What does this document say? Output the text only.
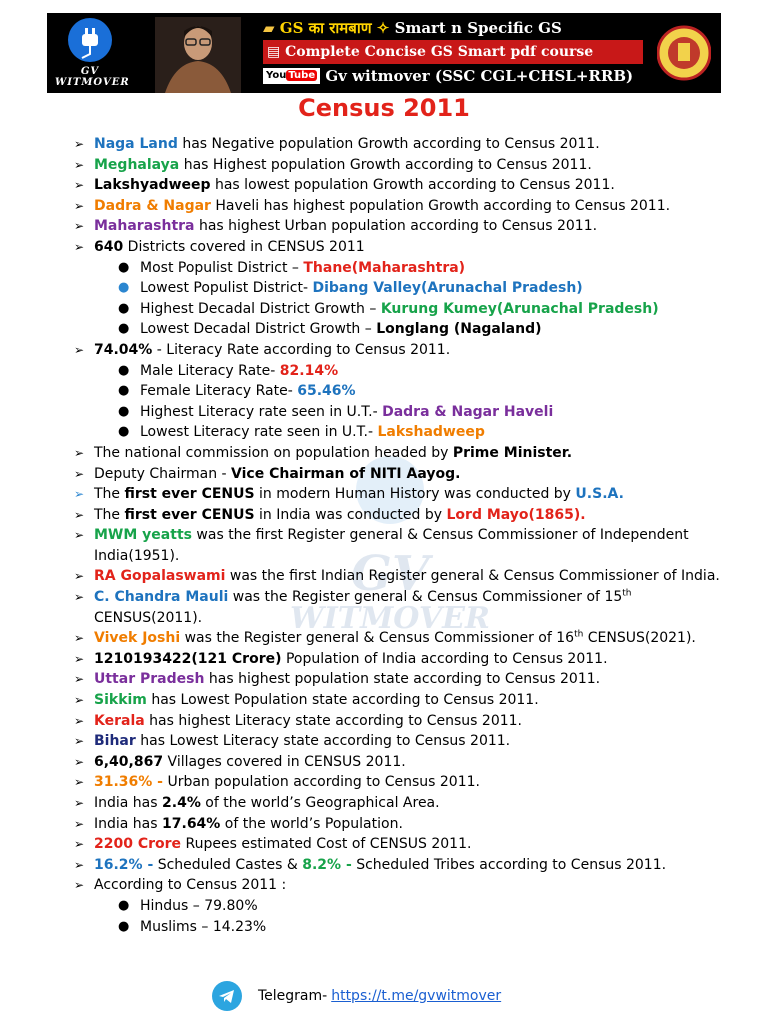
GV WITMOVER
▰ GS का रामबाण ✧ Smart n Specific GS
▤ Complete Concise GS Smart pdf course
You Tube Gv witmover (SSC CGL+CHSL+RRB)
Census 2011
GV
WITMOVER
➢ Naga Land has Negative population Growth according to Census 2011.
➢ Meghalaya has Highest population Growth according to Census 2011.
➢ Lakshyadweep has lowest population Growth according to Census 2011.
➢ Dadra & Nagar Haveli has highest population Growth according to Census 2011.
➢ Maharashtra has highest Urban population according to Census 2011.
➢ 640 Districts covered in CENSUS 2011
● Most Populist District – Thane(Maharashtra)
● Lowest Populist District- Dibang Valley(Arunachal Pradesh)
● Highest Decadal District Growth – Kurung Kumey(Arunachal Pradesh)
● Lowest Decadal District Growth – Longlang (Nagaland)
➢ 74.04% - Literacy Rate according to Census 2011.
● Male Literacy Rate- 82.14%
● Female Literacy Rate- 65.46%
● Highest Literacy rate seen in U.T.- Dadra & Nagar Haveli
● Lowest Literacy rate seen in U.T.- Lakshadweep
➢ The national commission on population headed by Prime Minister.
➢ Deputy Chairman - Vice Chairman of NITI Aayog.
➢ The first ever CENUS in modern Human History was conducted by U.S.A.
➢ The first ever CENUS in India was conducted by Lord Mayo(1865).
➢ MWM yeatts was the first Register general & Census Commissioner of Independent India(1951).
➢ RA Gopalaswami was the first Indian Register general & Census Commissioner of India.
➢ C. Chandra Mauli was the Register general & Census Commissioner of 15th CENSUS(2011).
➢ Vivek Joshi was the Register general & Census Commissioner of 16th CENSUS(2021).
➢ 1210193422(121 Crore) Population of India according to Census 2011.
➢ Uttar Pradesh has highest population state according to Census 2011.
➢ Sikkim has Lowest Population state according to Census 2011.
➢ Kerala has highest Literacy state according to Census 2011.
➢ Bihar has Lowest Literacy state according to Census 2011.
➢ 6,40,867 Villages covered in CENSUS 2011.
➢ 31.36% - Urban population according to Census 2011.
➢ India has 2.4% of the world’s Geographical Area.
➢ India has 17.64% of the world’s Population.
➢ 2200 Crore Rupees estimated Cost of CENSUS 2011.
➢ 16.2% - Scheduled Castes & 8.2% - Scheduled Tribes according to Census 2011.
➢ According to Census 2011 :
● Hindus – 79.80%
● Muslims – 14.23%
Telegram- https://t.me/gvwitmover
